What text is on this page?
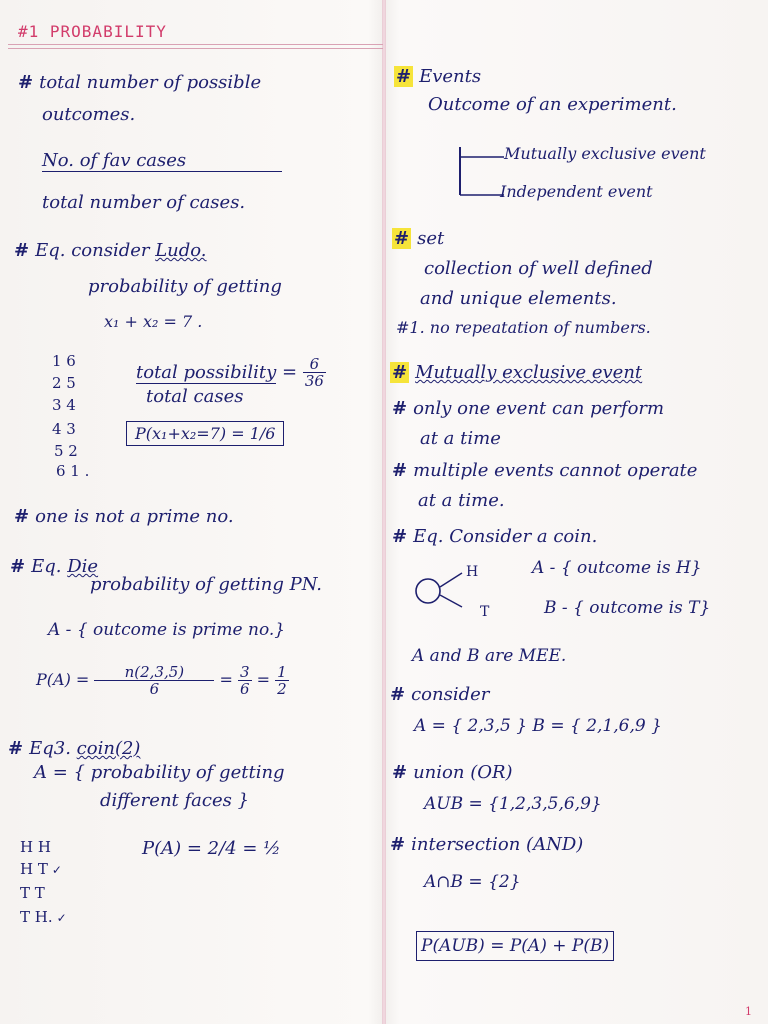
#1 PROBABILITY
# total number of possible
outcomes.
No. of fav cases
total number of cases.
# Eq. consider Ludo.
probability of getting
x₁ + x₂ = 7 .
1 6
2 5
3 4
4 3
5 2
6 1 .
total possibility = $\frac{6}{36}$
total cases
P(x₁+x₂=7) = 1/6
# one is not a prime no.
# Eq. Die
probability of getting PN.
A - { outcome is prime no.}
$P(A) = \frac{n(2,3,5)}{6} = \frac{3}{6} = \frac{1}{2}$
# Eq3. coin(2)
A = { probability of getting
different faces }
H H
H T ✓
T T
T H. ✓
P(A) = 2/4 = ½
# Events
Outcome of an experiment.
Mutually exclusive event
Independent event
# set
collection of well defined
and unique elements.
#1. no repeatation of numbers.
# Mutually exclusive event
# only one event can perform
at a time
# multiple events cannot operate
at a time.
# Eq. Consider a coin.
H
T
A - { outcome is H}
B - { outcome is T}
A and B are MEE.
# consider
A = { 2,3,5 } B = { 2,1,6,9 }
# union (OR)
AUB = {1,2,3,5,6,9}
# intersection (AND)
A∩B = {2}
P(AUB) = P(A) + P(B)
1
